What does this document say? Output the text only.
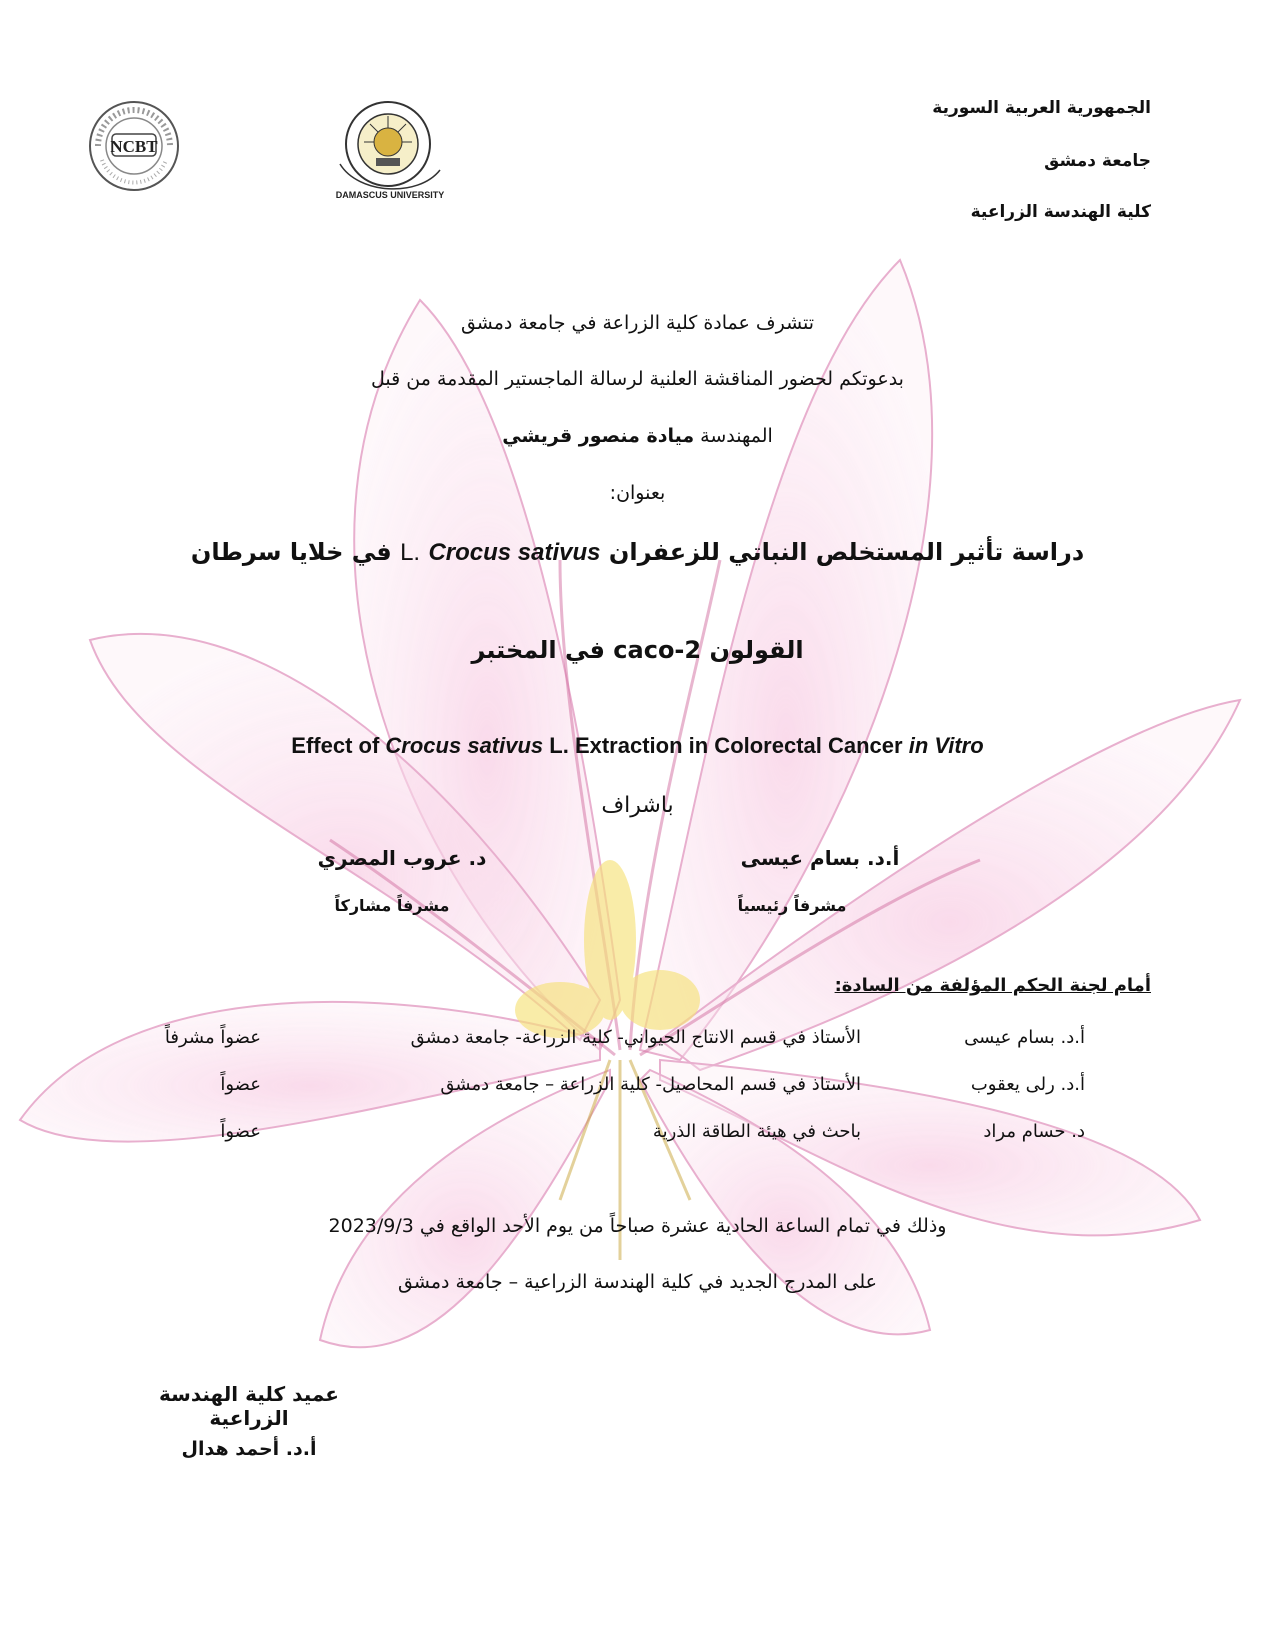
NCBT
DAMASCUS UNIVERSITY
الجمهورية العربية السورية
جامعة دمشق
كلية الهندسة الزراعية
تتشرف عمادة كلية الزراعة في جامعة دمشق
بدعوتكم لحضور المناقشة العلنية لرسالة الماجستير المقدمة من قبل
المهندسة ميادة منصور قريشي
بعنوان:
دراسة تأثير المستخلص النباتي للزعفران L. Crocus sativus في خلايا سرطان
القولون caco-2 في المختبر
Effect of Crocus sativus L. Extraction in Colorectal Cancer in Vitro
باشراف
أ.د. بسام عيسى
مشرفاً رئيسياً
د. عروب المصري
مشرفاً مشاركاً
أمام لجنة الحكم المؤلفة من السادة:
أ.د. بسام عيسى
الأستاذ في قسم الانتاج الحيواني- كلية الزراعة- جامعة دمشق
عضواً مشرفاً
أ.د. رلى يعقوب
الأستاذ في قسم المحاصيل- كلية الزراعة – جامعة دمشق
عضواً
د. حسام مراد
باحث في هيئة الطاقة الذرية
عضواً
وذلك في تمام الساعة الحادية عشرة صباحاً من يوم الأحد الواقع في 2023/9/3
على المدرج الجديد في كلية الهندسة الزراعية – جامعة دمشق
عميد كلية الهندسة الزراعية
أ.د. أحمد هدال
